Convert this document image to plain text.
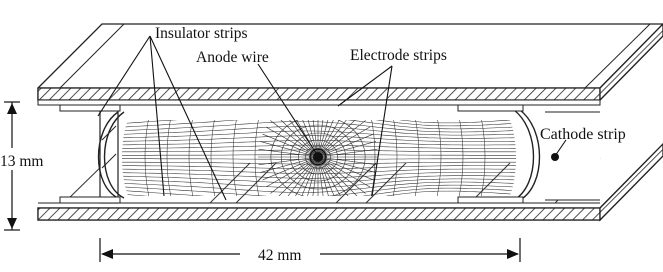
Insulator strips
Anode wire	Electrode strips
Cathode strip
13 mm
42 mm
